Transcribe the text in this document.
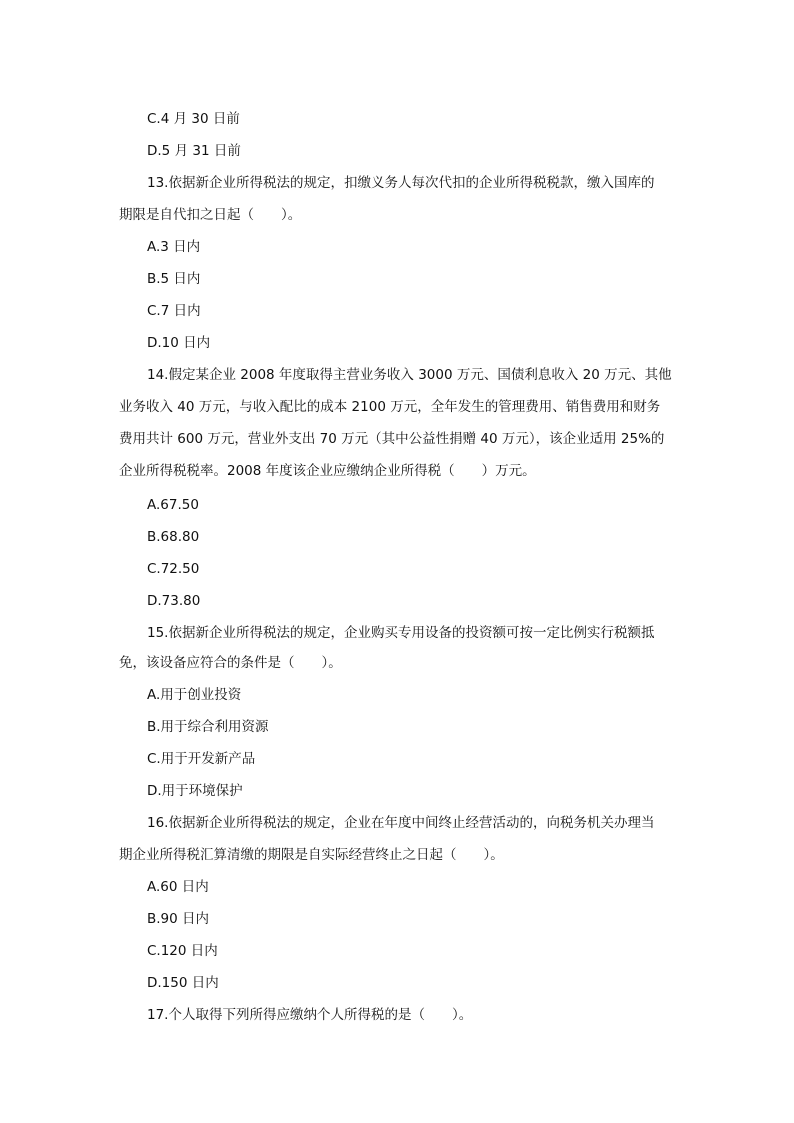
C.4 月 30 日前
D.5 月 31 日前
13.依据新企业所得税法的规定，扣缴义务人每次代扣的企业所得税税款，缴入国库的
期限是自代扣之日起（　　）。
A.3 日内
B.5 日内
C.7 日内
D.10 日内
14.假定某企业 2008 年度取得主营业务收入 3000 万元、国债利息收入 20 万元、其他
业务收入 40 万元，与收入配比的成本 2100 万元，全年发生的管理费用、销售费用和财务
费用共计 600 万元，营业外支出 70 万元（其中公益性捐赠 40 万元），该企业适用 25%的
企业所得税税率。2008 年度该企业应缴纳企业所得税（　　）万元。
A.67.50
B.68.80
C.72.50
D.73.80
15.依据新企业所得税法的规定，企业购买专用设备的投资额可按一定比例实行税额抵
免，该设备应符合的条件是（　　）。
A.用于创业投资
B.用于综合利用资源
C.用于开发新产品
D.用于环境保护
16.依据新企业所得税法的规定，企业在年度中间终止经营活动的，向税务机关办理当
期企业所得税汇算清缴的期限是自实际经营终止之日起（　　）。
A.60 日内
B.90 日内
C.120 日内
D.150 日内
17.个人取得下列所得应缴纳个人所得税的是（　　）。
